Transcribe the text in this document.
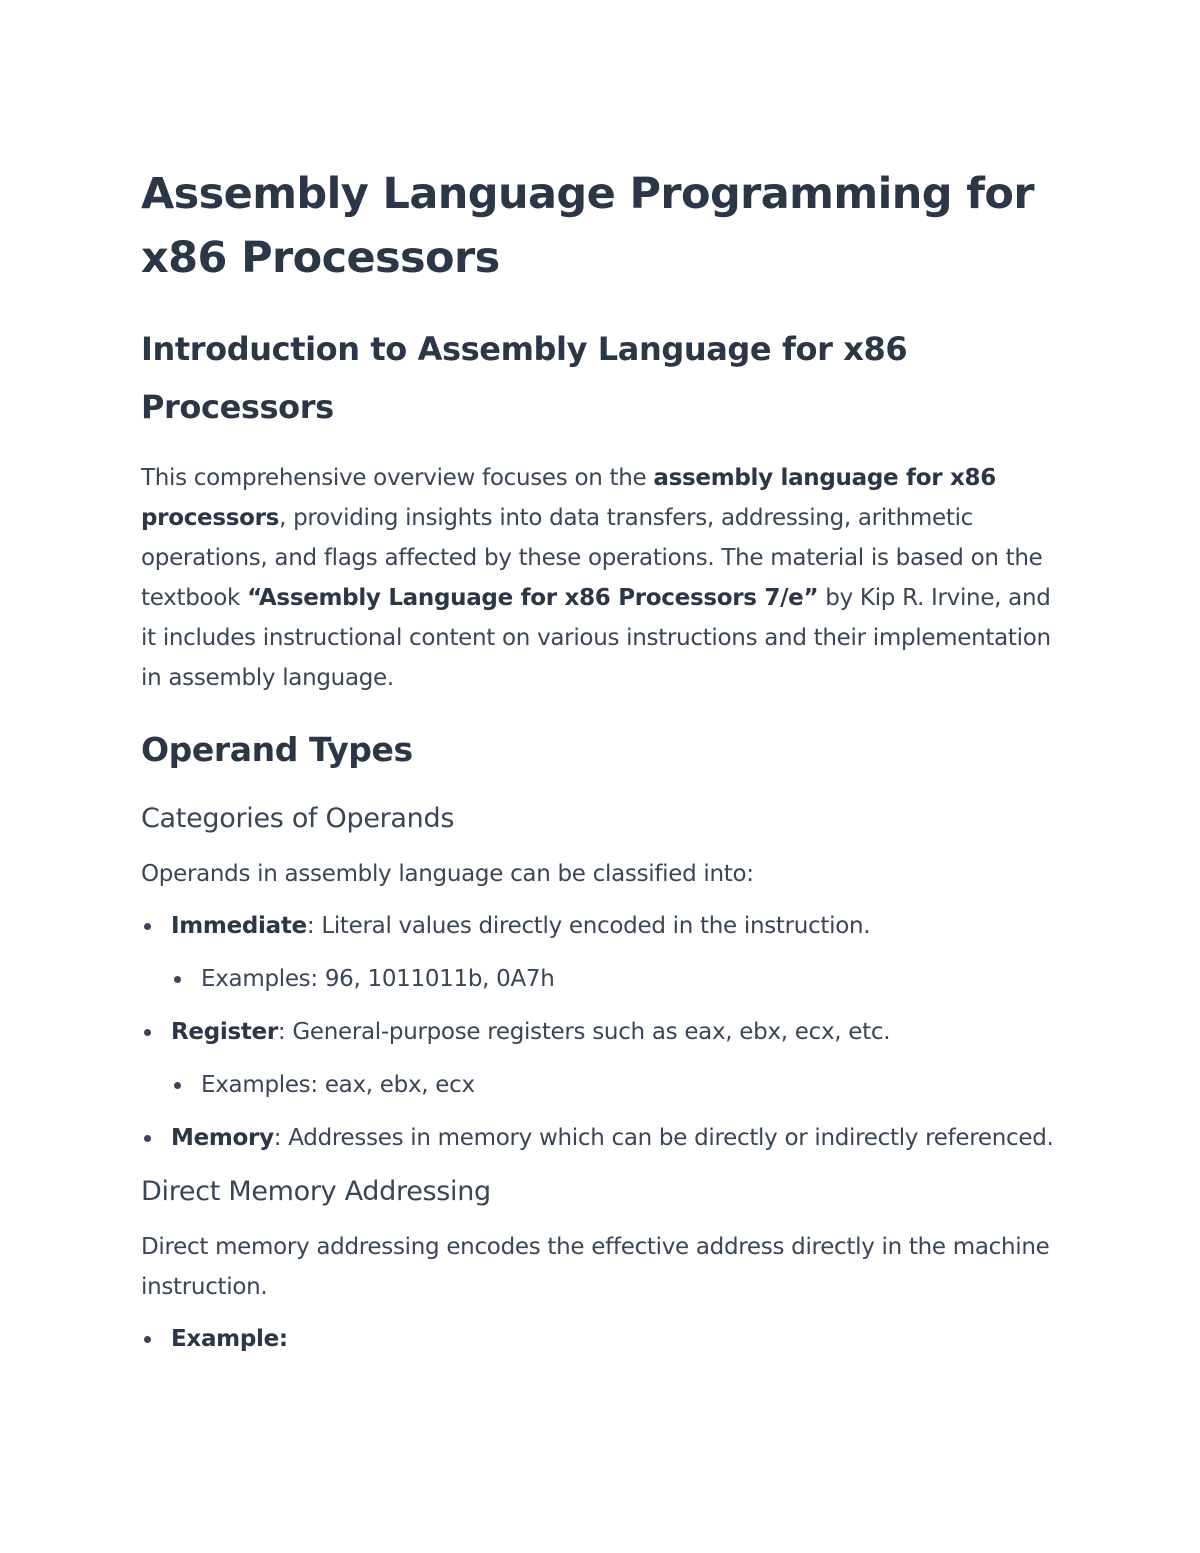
Assembly Language Programming for x86 Processors
Introduction to Assembly Language for x86 Processors

This comprehensive overview focuses on the assembly language for x86 processors, providing insights into data transfers, addressing, arithmetic operations, and flags affected by these operations. The material is based on the textbook “Assembly Language for x86 Processors 7/e” by Kip R. Irvine, and it includes instructional content on various instructions and their implementation in assembly language.

Operand Types
Categories of Operands

Operands in assembly language can be classified into:

Immediate: Literal values directly encoded in the instruction.
Examples: 96, 1011011b, 0A7h
Register: General-purpose registers such as eax, ebx, ecx, etc.
Examples: eax, ebx, ecx
Memory: Addresses in memory which can be directly or indirectly referenced.
Direct Memory Addressing

Direct memory addressing encodes the effective address directly in the machine instruction.

Example:
